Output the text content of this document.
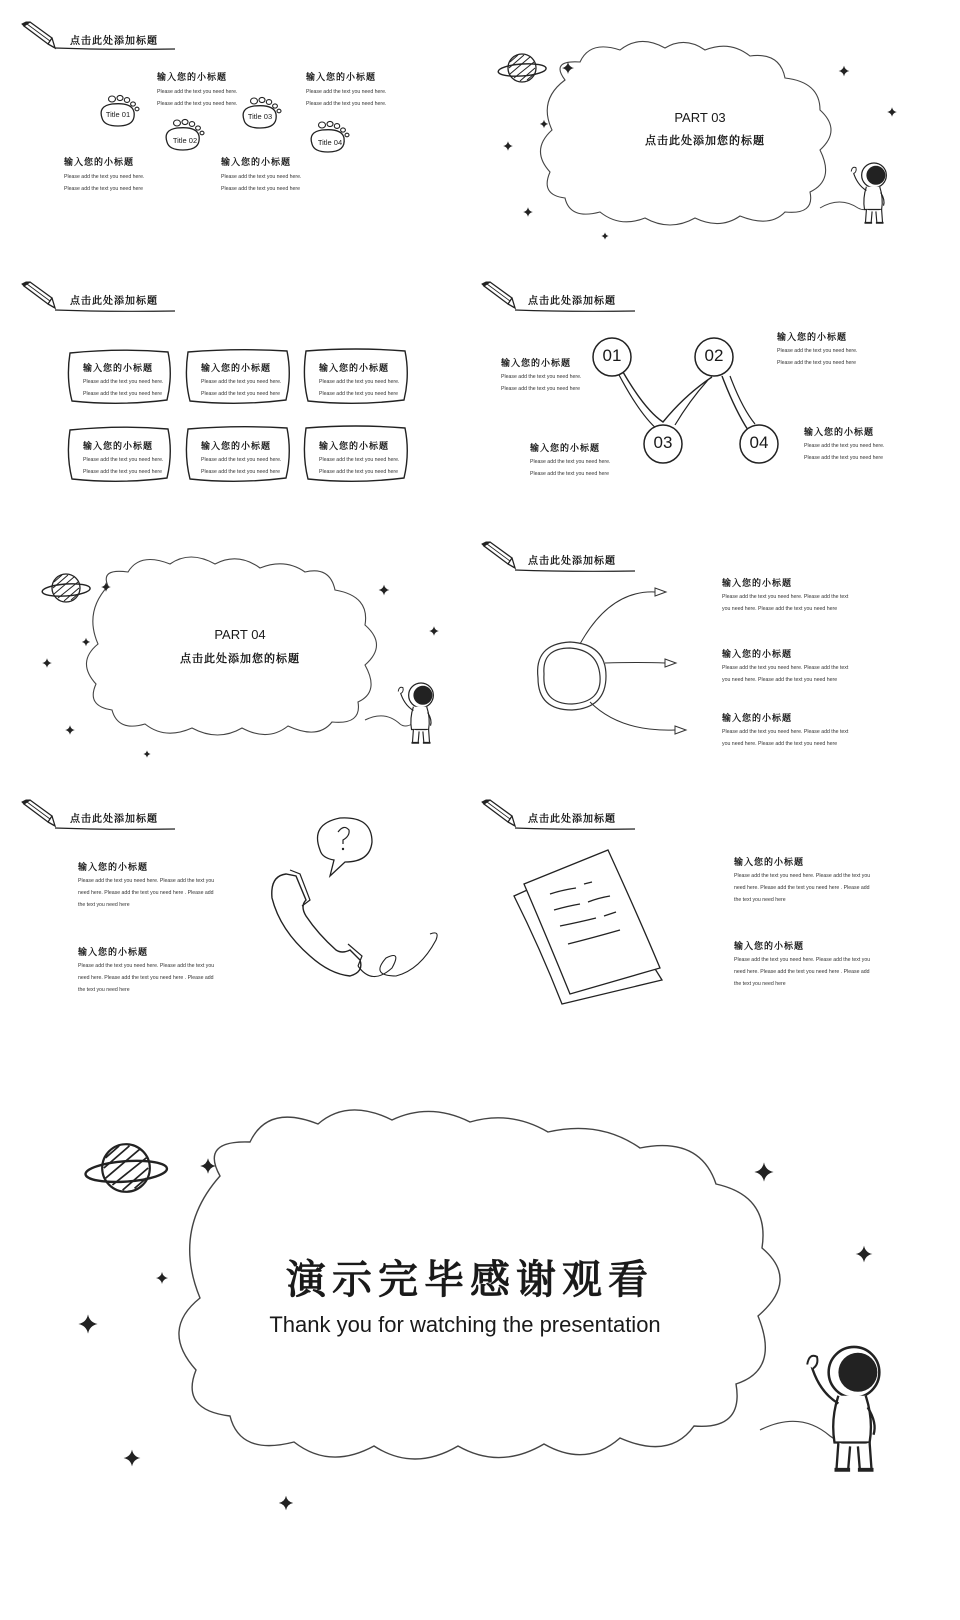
点击此处添加标题
Title 01
Title 02
Title 03
Title 04
输入您的小标题
Please add the text you need here.
Please add the text you need here.
输入您的小标题
Please add the text you need here.
Please add the text you need here.
输入您的小标题
Please add the text you need here.
Please add the text you need here
输入您的小标题
Please add the text you need here.
Please add the text you need here
PART 03
点击此处添加您的标题
点击此处添加标题
输入您的小标题
Please add the text you need here.
Please add the text you need here
输入您的小标题
Please add the text you need here.
Please add the text you need here
输入您的小标题
Please add the text you need here.
Please add the text you need here
输入您的小标题
Please add the text you need here.
Please add the text you need here
输入您的小标题
Please add the text you need here.
Please add the text you need here
输入您的小标题
Please add the text you need here.
Please add the text you need here
点击此处添加标题
01	02
03	04
输入您的小标题
Please add the text you need here.
Please add the text you need here
输入您的小标题
Please add the text you need here.
Please add the text you need here
输入您的小标题
Please add the text you need here.
Please add the text you need here
输入您的小标题
Please add the text you need here.
Please add the text you need here
PART 04
点击此处添加您的标题
点击此处添加标题
输入您的小标题
Please add the text you need here. Please add the text
you need here. Please add the text you need here
输入您的小标题
Please add the text you need here. Please add the text
you need here. Please add the text you need here
输入您的小标题
Please add the text you need here. Please add the text
you need here. Please add the text you need here
点击此处添加标题
输入您的小标题
Please add the text you need here. Please add the text you
need here. Please add the text you need here . Please add
the text you need here
输入您的小标题
Please add the text you need here. Please add the text you
need here. Please add the text you need here . Please add
the text you need here
点击此处添加标题
输入您的小标题
Please add the text you need here. Please add the text you
need here. Please add the text you need here . Please add
the text you need here
输入您的小标题
Please add the text you need here. Please add the text you
need here. Please add the text you need here . Please add
the text you need here
演示完毕感谢观看
Thank you for watching the presentation
